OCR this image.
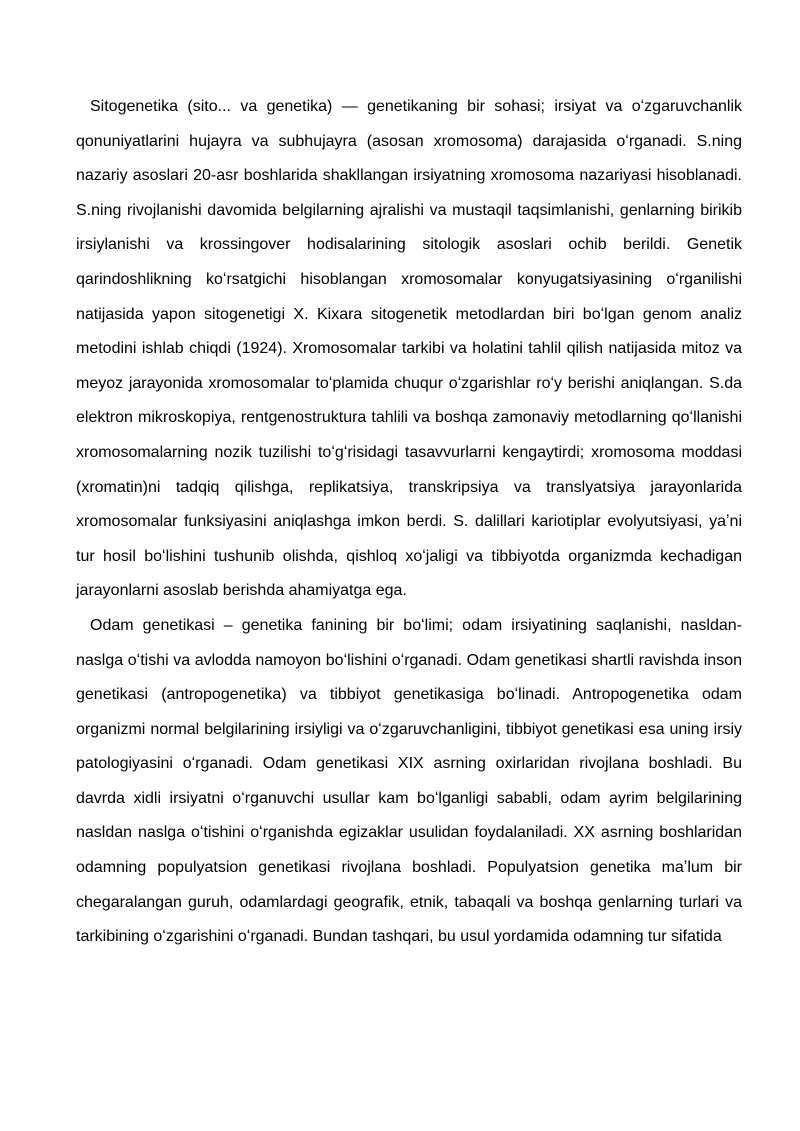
Sitogenetika (sito... va genetika) — genetikaning bir sohasi; irsiyat va oʻzgaruvchanlik qonuniyatlarini hujayra va subhujayra (asosan xromosoma) darajasida oʻrganadi. S.ning nazariy asoslari 20-asr boshlarida shakllangan irsiyatning xromosoma nazariyasi hisoblanadi. S.ning rivojlanishi davomida belgilarning ajralishi va mustaqil taqsimlanishi, genlarning birikib irsiylanishi va krossingover hodisalarining sitologik asoslari ochib berildi. Genetik qarindoshlikning koʻrsatgichi hisoblangan xromosomalar konyugatsiyasining oʻrganilishi natijasida yapon sitogenetigi X. Kixara sitogenetik metodlardan biri boʻlgan genom analiz metodini ishlab chiqdi (1924). Xromosomalar tarkibi va holatini tahlil qilish natijasida mitoz va meyoz jarayonida xromosomalar toʻplamida chuqur oʻzgarishlar roʻy berishi aniqlangan. S.da elektron mikroskopiya, rentgenostruktura tahlili va boshqa zamonaviy metodlarning qoʻllanishi xromosomalarning nozik tuzilishi toʻgʻrisidagi tasavvurlarni kengaytirdi; xromosoma moddasi (xromatin)ni tadqiq qilishga, replikatsiya, transkripsiya va translyatsiya jarayonlarida xromosomalar funksiyasini aniqlashga imkon berdi. S. dalillari kariotiplar evolyutsiyasi, yaʼni tur hosil boʻlishini tushunib olishda, qishloq xoʻjaligi va tibbiyotda organizmda kechadigan jarayonlarni asoslab berishda ahamiyatga ega.

Odam genetikasi – genetika fanining bir boʻlimi; odam irsiyatining saqlanishi, nasldan-naslga oʻtishi va avlodda namoyon boʻlishini oʻrganadi. Odam genetikasi shartli ravishda inson genetikasi (antropogenetika) va tibbiyot genetikasiga boʻlinadi. Antropogenetika odam organizmi normal belgilarining irsiyligi va oʻzgaruvchanligini, tibbiyot genetikasi esa uning irsiy patologiyasini oʻrganadi. Odam genetikasi XIX asrning oxirlaridan rivojlana boshladi. Bu davrda xidli irsiyatni oʻrganuvchi usullar kam boʻlganligi sababli, odam ayrim belgilarining nasldan naslga oʻtishini oʻrganishda egizaklar usulidan foydalaniladi. XX asrning boshlaridan odamning populyatsion genetikasi rivojlana boshladi. Populyatsion genetika maʼlum bir chegaralangan guruh, odamlardagi geografik, etnik, tabaqali va boshqa genlarning turlari va tarkibining oʻzgarishini oʻrganadi. Bundan tashqari, bu usul yordamida odamning tur sifatida
